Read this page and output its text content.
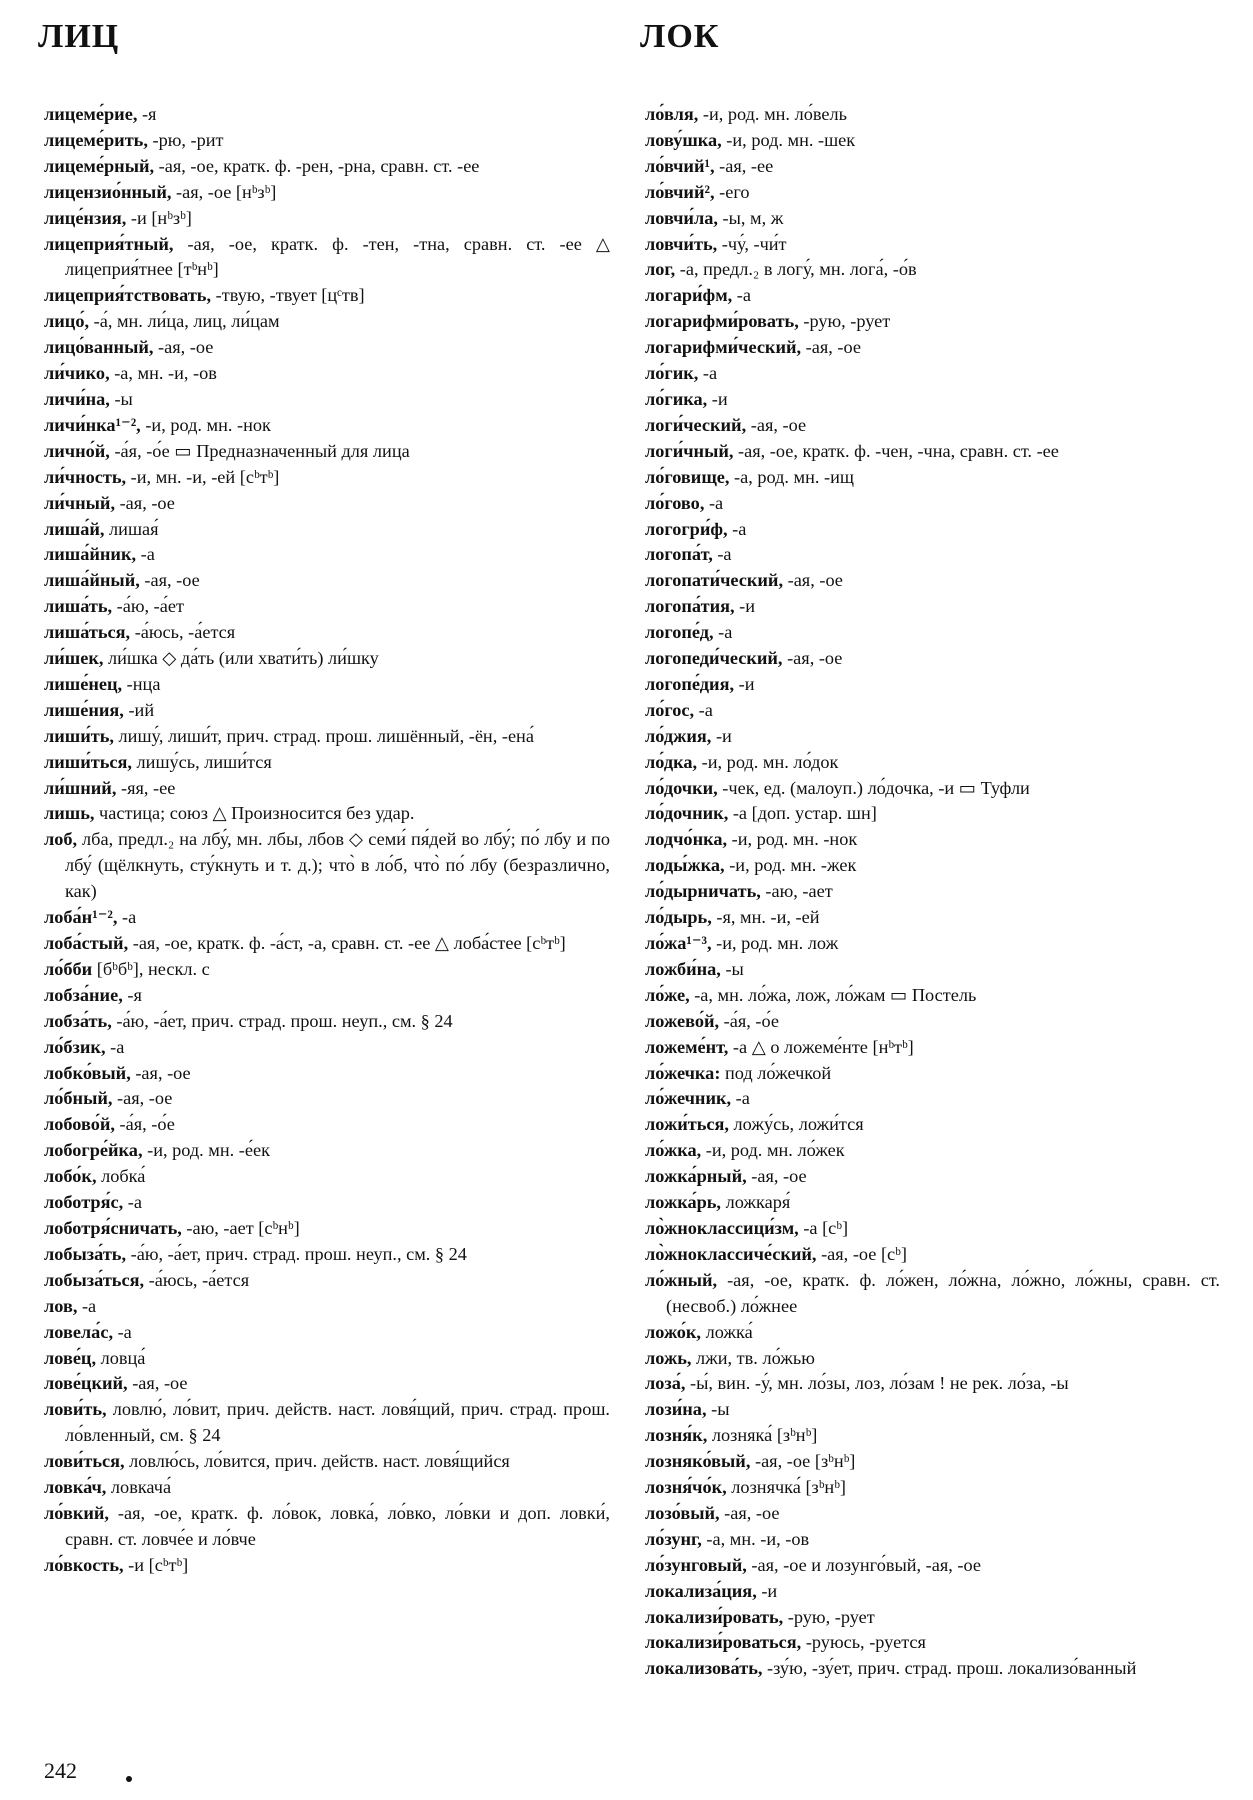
ЛИЦ	ЛОК
лицеме́рие, -я
лицеме́рить, -рю, -рит
лицеме́рный, -ая, -ое, кратк. ф. -рен, -рна, сравн. ст. -ее
лицензио́нный, -ая, -ое [нᵇзᵇ]
лице́нзия, -и [нᵇзᵇ]
лицеприя́тный, -ая, -ое, кратк. ф. -тен, -тна, сравн. ст. -ее △ лицеприя́тнее [тᵇнᵇ]
лицеприя́тствовать, -твую, -твует [цᶜтв]
лицо́, -а́, мн. ли́ца, лиц, ли́цам
лицо́ванный, -ая, -ое
ли́чико, -а, мн. -и, -ов
личи́на, -ы
личи́нка¹⁻², -и, род. мн. -нок
лично́й, -а́я, -о́е ▭ Предназначенный для лица
ли́чность, -и, мн. -и, -ей [сᵇтᵇ]
ли́чный, -ая, -ое
лиша́й, лишая́
лиша́йник, -а
лиша́йный, -ая, -ое
лиша́ть, -а́ю, -а́ет
лиша́ться, -а́юсь, -а́ется
ли́шек, ли́шка ◇ да́ть (или хвати́ть) ли́шку
лише́нец, -нца
лише́ния, -ий
лиши́ть, лишу́, лиши́т, прич. страд. прош. лишённый, -ён, -ена́
лиши́ться, лишу́сь, лиши́тся
ли́шний, -яя, -ее
лишь, частица; союз △ Произносится без удар.
лоб, лба, предл.₂ на лбу́, мн. лбы, лбов ◇ семи́ пя́дей во лбу́; по́ лбу и по лбу́ (щёлкнуть, сту́кнуть и т. д.); что̀ в ло́б, что̀ по́ лбу (безразлично, как)
лоба́н¹⁻², -а
лоба́стый, -ая, -ое, кратк. ф. -а́ст, -а, сравн. ст. -ее △ лоба́стее [сᵇтᵇ]
ло́бби [бᵇбᵇ], нескл. с
лобза́ние, -я
лобза́ть, -а́ю, -а́ет, прич. страд. прош. неуп., см. § 24
ло́бзик, -а
лобко́вый, -ая, -ое
ло́бный, -ая, -ое
лобово́й, -а́я, -о́е
лобогре́йка, -и, род. мн. -е́ек
лобо́к, лобка́
лоботря́с, -а
лоботря́сничать, -аю, -ает [сᵇнᵇ]
лобыза́ть, -а́ю, -а́ет, прич. страд. прош. неуп., см. § 24
лобыза́ться, -а́юсь, -а́ется
лов, -а
ловела́с, -а
лове́ц, ловца́
лове́цкий, -ая, -ое
лови́ть, ловлю́, ло́вит, прич. действ. наст. ловя́щий, прич. страд. прош. ло́вленный, см. § 24
лови́ться, ловлю́сь, ло́вится, прич. действ. наст. ловя́щийся
ловка́ч, ловкача́
ло́вкий, -ая, -ое, кратк. ф. ло́вок, ловка́, ло́вко, ло́вки и доп. ловки́, сравн. ст. ловче́е и ло́вче
ло́вкость, -и [сᵇтᵇ]
ло́вля, -и, род. мн. ло́вель
лову́шка, -и, род. мн. -шек
ло́вчий¹, -ая, -ее
ло́вчий², -его
ловчи́ла, -ы, м, ж
ловчи́ть, -чу́, -чи́т
лог, -а, предл.₂ в логу́, мн. лога́, -о́в
логари́фм, -а
логарифми́ровать, -рую, -рует
логарифми́ческий, -ая, -ое
ло́гик, -а
ло́гика, -и
логи́ческий, -ая, -ое
логи́чный, -ая, -ое, кратк. ф. -чен, -чна, сравн. ст. -ее
ло́говище, -а, род. мн. -ищ
ло́гово, -а
логогри́ф, -а
логопа́т, -а
логопати́ческий, -ая, -ое
логопа́тия, -и
логопе́д, -а
логопеди́ческий, -ая, -ое
логопе́дия, -и
ло́гос, -а
ло́джия, -и
ло́дка, -и, род. мн. ло́док
ло́дочки, -чек, ед. (малоуп.) ло́дочка, -и ▭ Туфли
ло́дочник, -а [доп. устар. шн]
лодчо́нка, -и, род. мн. -нок
лоды́жка, -и, род. мн. -жек
ло́дырничать, -аю, -ает
ло́дырь, -я, мн. -и, -ей
ло́жа¹⁻³, -и, род. мн. лож
ложби́на, -ы
ло́же, -а, мн. ло́жа, лож, ло́жам ▭ Постель
ложево́й, -а́я, -о́е
ложеме́нт, -а △ о ложеме́нте [нᵇтᵇ]
ло́жечка: под ло́жечкой
ло́жечник, -а
ложи́ться, ложу́сь, ложи́тся
ло́жка, -и, род. мн. ло́жек
ложка́рный, -ая, -ое
ложка́рь, ложкаря́
ло̀жноклассици́зм, -а [сᵇ]
ло̀жноклассиче́ский, -ая, -ое [сᵇ]
ло́жный, -ая, -ое, кратк. ф. ло́жен, ло́жна, ло́жно, ло́жны, сравн. ст. (несвоб.) ло́жнее
ложо́к, ложка́
ложь, лжи, тв. ло́жью
лоза́, -ы́, вин. -у́, мн. ло́зы, лоз, ло́зам ! не рек. ло́за, -ы
лози́на, -ы
лозня́к, лозняка́ [зᵇнᵇ]
лозняко́вый, -ая, -ое [зᵇнᵇ]
лозня́чо́к, лознячка́ [зᵇнᵇ]
лозо́вый, -ая, -ое
ло́зунг, -а, мн. -и, -ов
ло́зунговый, -ая, -ое и лозунго́вый, -ая, -ое
локализа́ция, -и
локализи́ровать, -рую, -рует
локализи́роваться, -руюсь, -руется
локализова́ть, -зу́ю, -зу́ет, прич. страд. прош. локализо́ванный
242
